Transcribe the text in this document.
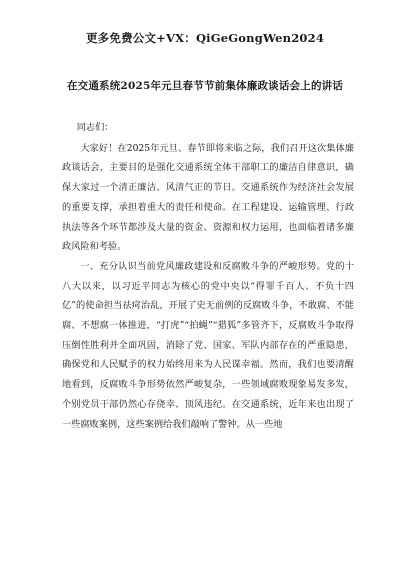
更多免费公文+VX：QiGeGongWen2024
在交通系统2025年元旦春节节前集体廉政谈话会上的讲话
同志们：

大家好！在2025年元旦、春节即将来临之际，我们召开这次集体廉政谈话会，主要目的是强化交通系统全体干部职工的廉洁自律意识，确保大家过一个清正廉洁、风清气正的节日。交通系统作为经济社会发展的重要支撑，承担着重大的责任和使命。在工程建设、运输管理、行政执法等各个环节都涉及大量的资金、资源和权力运用，也面临着诸多廉政风险和考验。

一、充分认识当前党风廉政建设和反腐败斗争的严峻形势。党的十八大以来，以习近平同志为核心的党中央以“得罪千百人、不负十四亿”的使命担当祛疴治乱，开展了史无前例的反腐败斗争，不敢腐、不能腐、不想腐一体推进，“打虎”“拍蝇”“猎狐”多管齐下，反腐败斗争取得压倒性胜利并全面巩固，消除了党、国家、军队内部存在的严重隐患，确保党和人民赋予的权力始终用来为人民谋幸福。然而，我们也要清醒地看到，反腐败斗争形势依然严峻复杂，一些领域腐败现象易发多发，个别党员干部仍然心存侥幸、顶风违纪。在交通系统，近年来也出现了一些腐败案例，这些案例给我们敲响了警钟。从一些地
